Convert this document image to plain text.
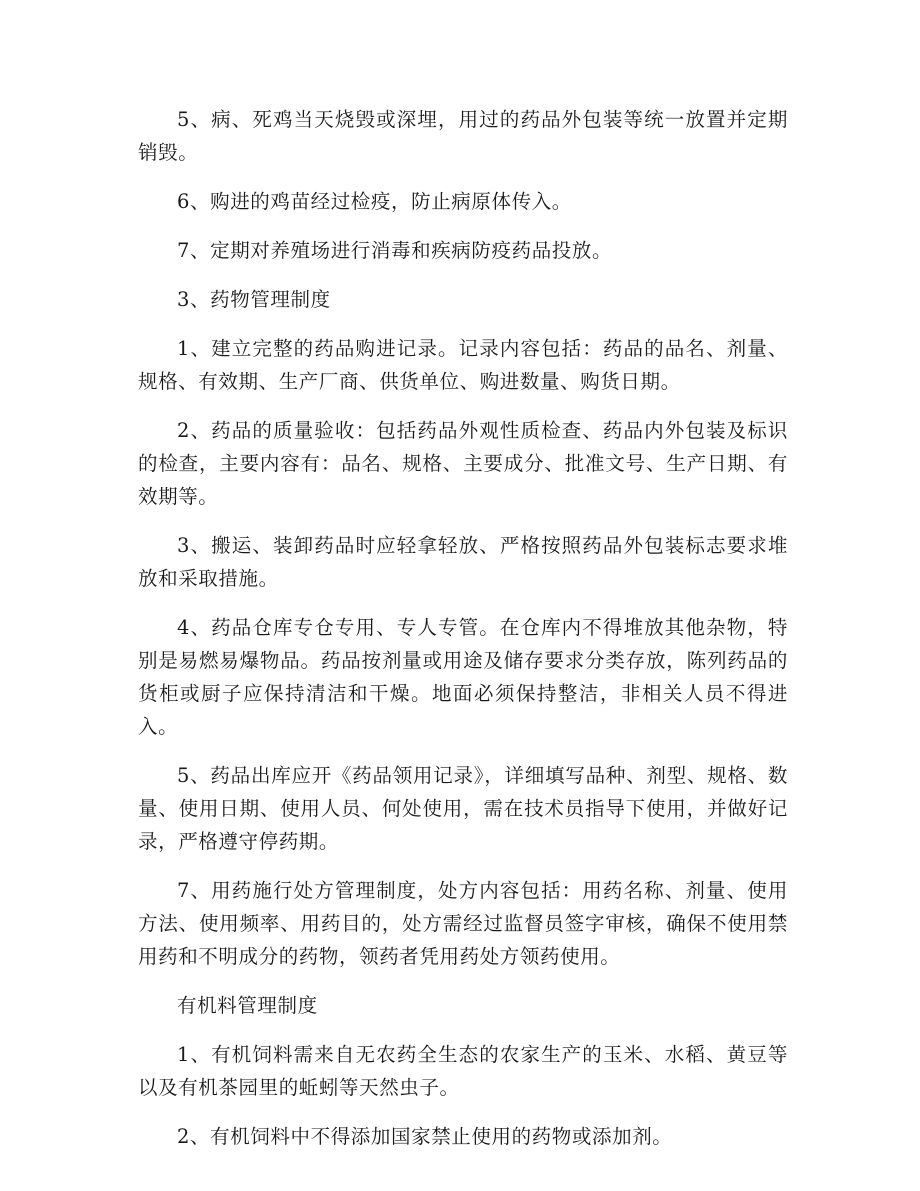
5、病、死鸡当天烧毁或深埋，用过的药品外包装等统一放置并定期销毁。

6、购进的鸡苗经过检疫，防止病原体传入。

7、定期对养殖场进行消毒和疾病防疫药品投放。

3、药物管理制度

1、建立完整的药品购进记录。记录内容包括：药品的品名、剂量、规格、有效期、生产厂商、供货单位、购进数量、购货日期。

2、药品的质量验收：包括药品外观性质检查、药品内外包装及标识的检查，主要内容有：品名、规格、主要成分、批准文号、生产日期、有效期等。

3、搬运、装卸药品时应轻拿轻放、严格按照药品外包装标志要求堆放和采取措施。

4、药品仓库专仓专用、专人专管。在仓库内不得堆放其他杂物，特别是易燃易爆物品。药品按剂量或用途及储存要求分类存放，陈列药品的货柜或厨子应保持清洁和干燥。地面必须保持整洁，非相关人员不得进入。

5、药品出库应开《药品领用记录》，详细填写品种、剂型、规格、数量、使用日期、使用人员、何处使用，需在技术员指导下使用，并做好记录，严格遵守停药期。

7、用药施行处方管理制度，处方内容包括：用药名称、剂量、使用方法、使用频率、用药目的，处方需经过监督员签字审核，确保不使用禁用药和不明成分的药物，领药者凭用药处方领药使用。

有机料管理制度

1、有机饲料需来自无农药全生态的农家生产的玉米、水稻、黄豆等以及有机茶园里的蚯蚓等天然虫子。

2、有机饲料中不得添加国家禁止使用的药物或添加剂。
